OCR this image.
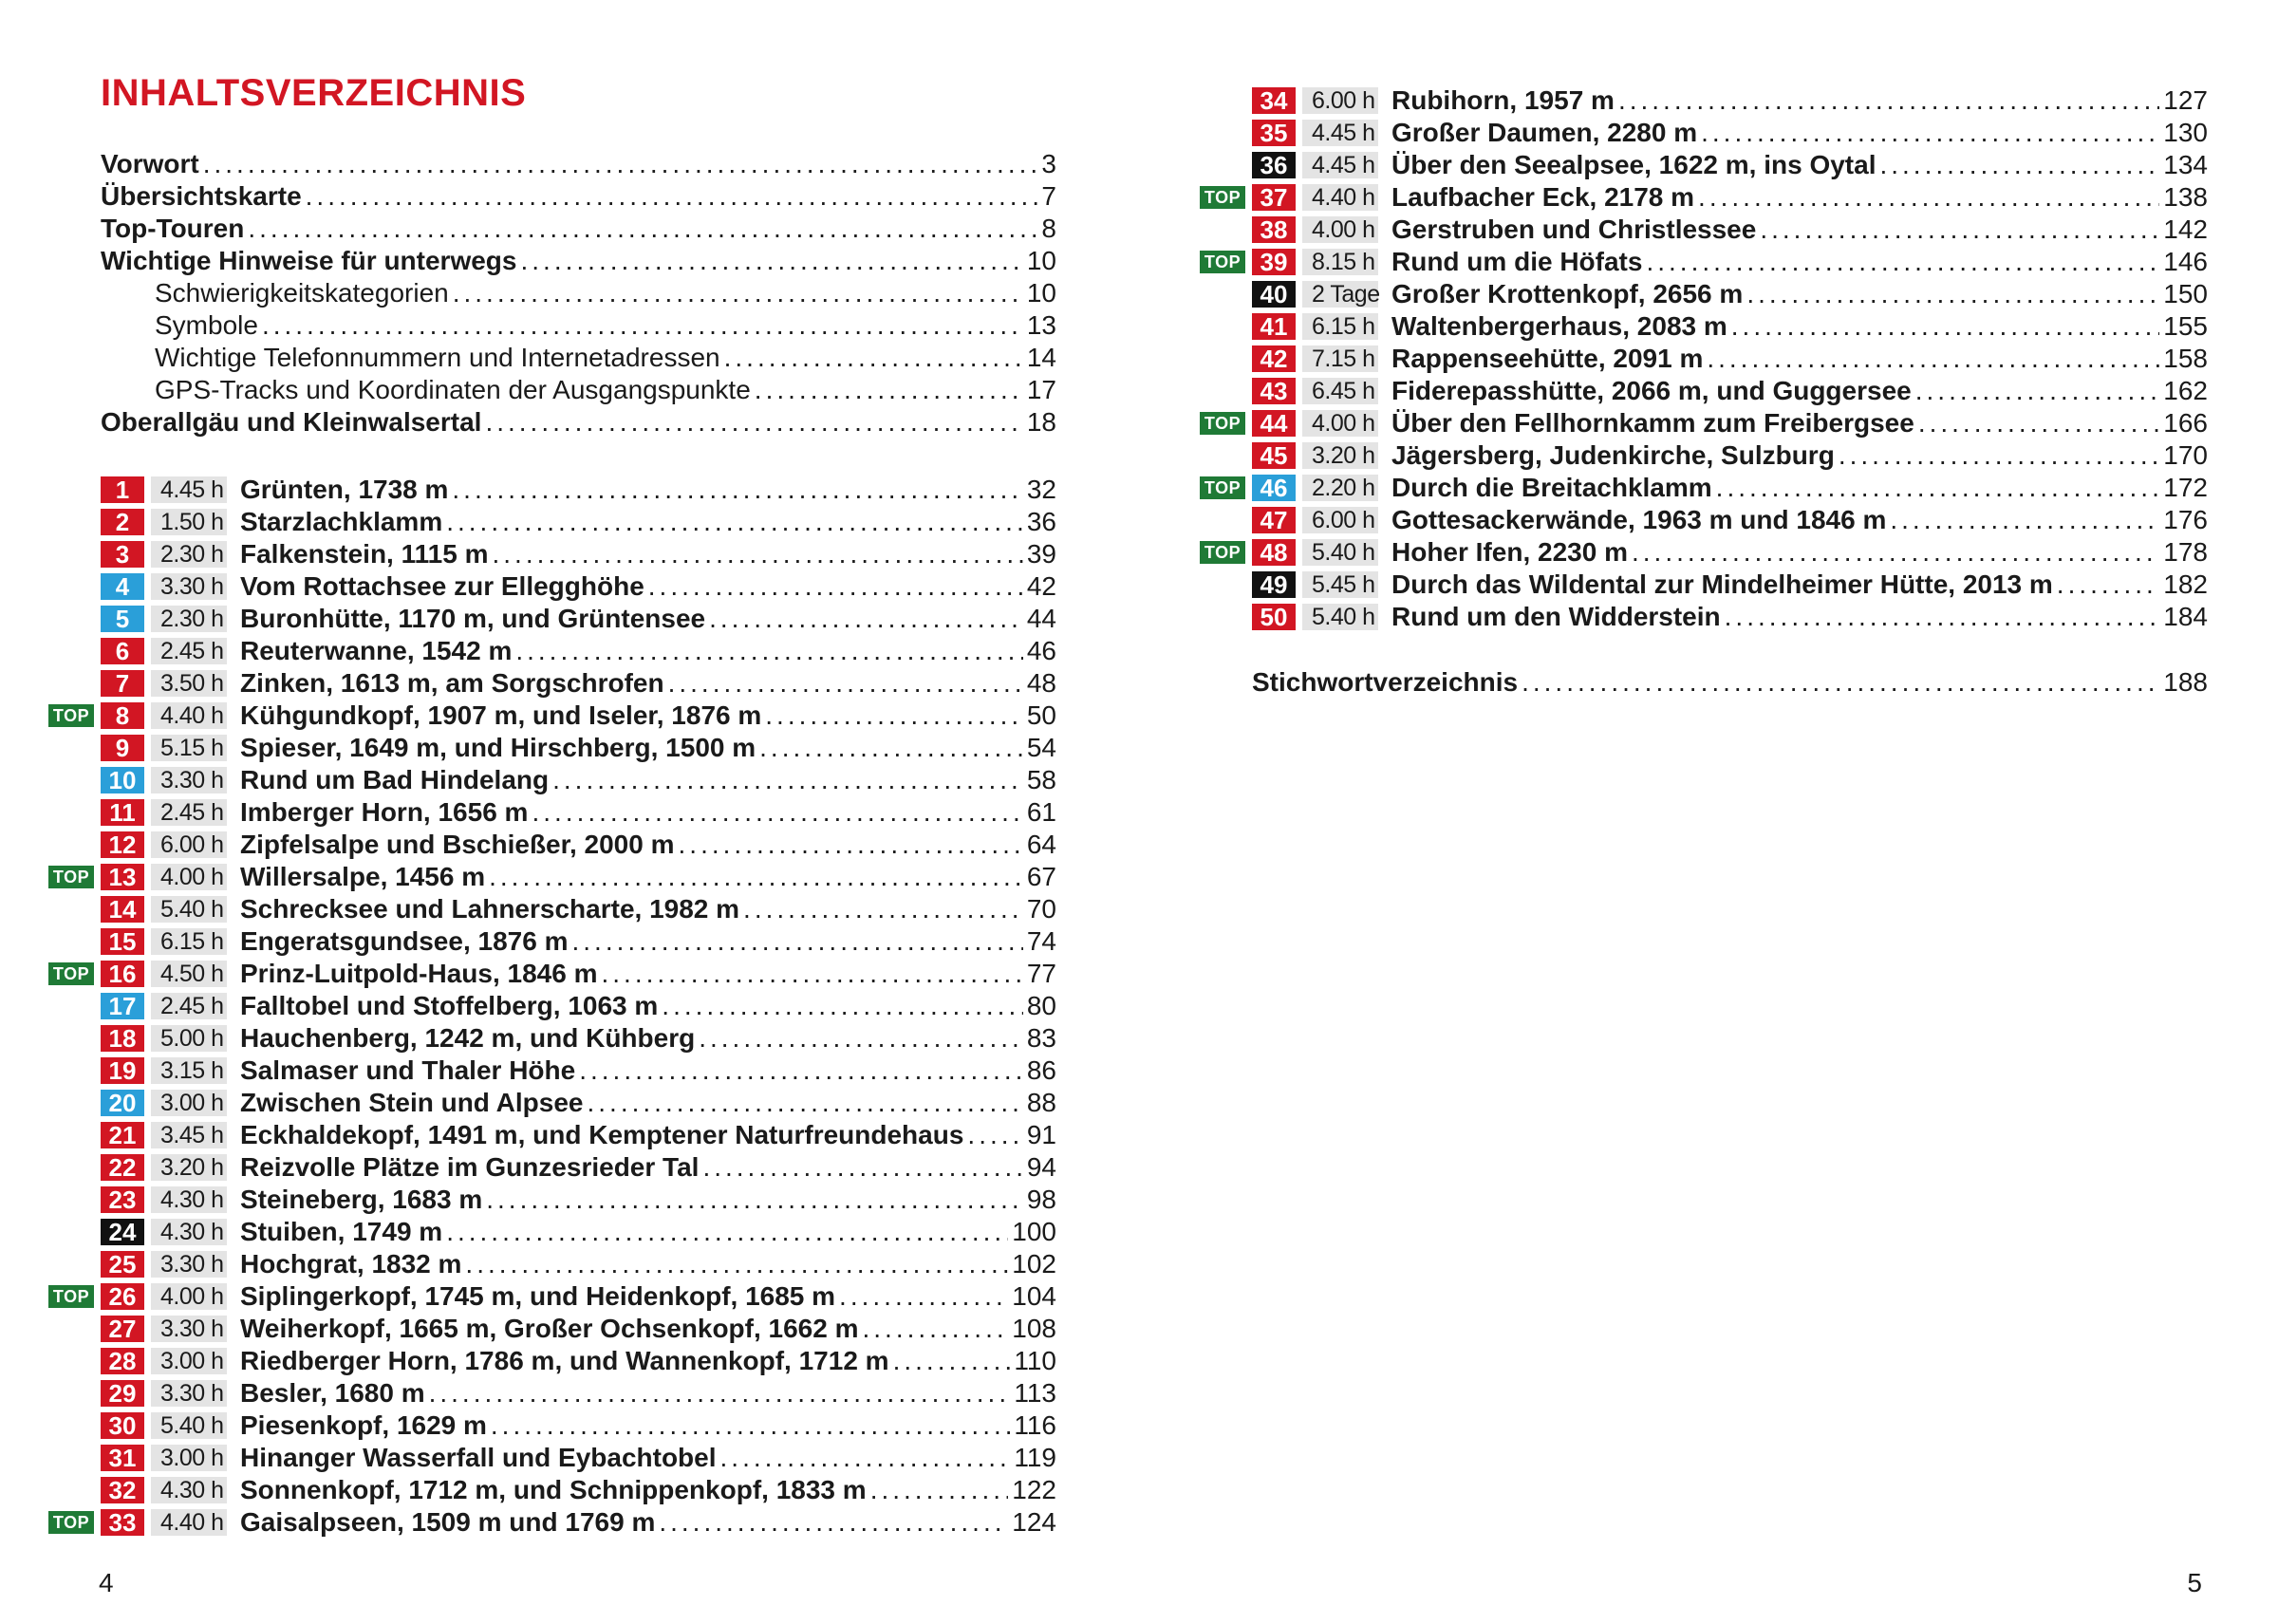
INHALTSVERZEICHNIS
Vorwort .....	3
Übersichtskarte .....	7
Top-Touren .....	8
Wichtige Hinweise für unterwegs .....	10
Schwierigkeitskategorien .....	10
Symbole .....	13
Wichtige Telefonnummern und Internetadressen .....	14
GPS-Tracks und Koordinaten der Ausgangspunkte .....	17
Oberallgäu und Kleinwalsertal .....	18
1	4.45 h Grünten, 1738 m .....	32
2	1.50 h Starzlachklamm .....	36
3	2.30 h Falkenstein, 1115 m .....	39
4	3.30 h Vom Rottachsee zur Ellegghöhe .....	42
5	2.30 h Buronhütte, 1170 m, und Grüntensee .....	44
6	2.45 h Reuterwanne, 1542 m .....	46
7	3.50 h Zinken, 1613 m, am Sorgschrofen .....	48
TOP	8	4.40 h Kühgundkopf, 1907 m, und Iseler, 1876 m .....	50
9	5.15 h Spieser, 1649 m, und Hirschberg, 1500 m .....	54
10	3.30 h Rund um Bad Hindelang .....	58
11	2.45 h Imberger Horn, 1656 m .....	61
12	6.00 h Zipfelsalpe und Bschießer, 2000 m .....	64
TOP 13	4.00 h Willersalpe, 1456 m .....	67
14	5.40 h Schrecksee und Lahnerscharte, 1982 m .....	70
15	6.15 h Engeratsgundsee, 1876 m .....	74
TOP 16	4.50 h Prinz-Luitpold-Haus, 1846 m .....	77
17	2.45 h Falltobel und Stoffelberg, 1063 m .....	80
18	5.00 h Hauchenberg, 1242 m, und Kühberg .....	83
19	3.15 h Salmaser und Thaler Höhe .....	86
20	3.00 h Zwischen Stein und Alpsee .....	88
21	3.45 h Eckhaldekopf, 1491 m, und Kemptener Naturfreundehaus ..... 91
22	3.20 h Reizvolle Plätze im Gunzesrieder Tal .....	94
23	4.30 h Steineberg, 1683 m .....	98
24	4.30 h Stuiben, 1749 m .....	100
25	3.30 h Hochgrat, 1832 m .....	102
TOP 26	4.00 h Siplingerkopf, 1745 m, und Heidenkopf, 1685 m .....	104
27	3.30 h Weiherkopf, 1665 m, Großer Ochsenkopf, 1662 m .....	108
28	3.00 h Riedberger Horn, 1786 m, und Wannenkopf, 1712 m .....	110
29	3.30 h Besler, 1680 m .....	113
30	5.40 h Piesenkopf, 1629 m .....	116
31	3.00 h Hinanger Wasserfall und Eybachtobel .....	119
32	4.30 h Sonnenkopf, 1712 m, und Schnippenkopf, 1833 m .....	122
TOP 33	4.40 h Gaisalpseen, 1509 m und 1769 m .....	124
4
34	6.00 h Rubihorn, 1957 m .....	127
35	4.45 h Großer Daumen, 2280 m .....	130
36	4.45 h Über den Seealpsee, 1622 m, ins Oytal .....	134
TOP 37	4.40 h Laufbacher Eck, 2178 m .....	138
38	4.00 h Gerstruben und Christlessee .....	142
TOP 39	8.15 h Rund um die Höfats .....	146
40	2 Tage Großer Krottenkopf, 2656 m .....	150
41	6.15 h Waltenbergerhaus, 2083 m .....	155
42	7.15 h Rappenseehütte, 2091 m .....	158
43	6.45 h Fiderepasshütte, 2066 m, und Guggersee .....	162
TOP 44	4.00 h Über den Fellhornkamm zum Freibergsee .....	166
45	3.20 h Jägersberg, Judenkirche, Sulzburg .....	170
TOP 46	2.20 h Durch die Breitachklamm .....	172
47	6.00 h Gottesackerwände, 1963 m und 1846 m .....	176
TOP 48	5.40 h Hoher Ifen, 2230 m .....	178
49	5.45 h Durch das Wildental zur Mindelheimer Hütte, 2013 m .....	182
50	5.40 h Rund um den Widderstein .....	184
Stichwortverzeichnis .....	188
5
